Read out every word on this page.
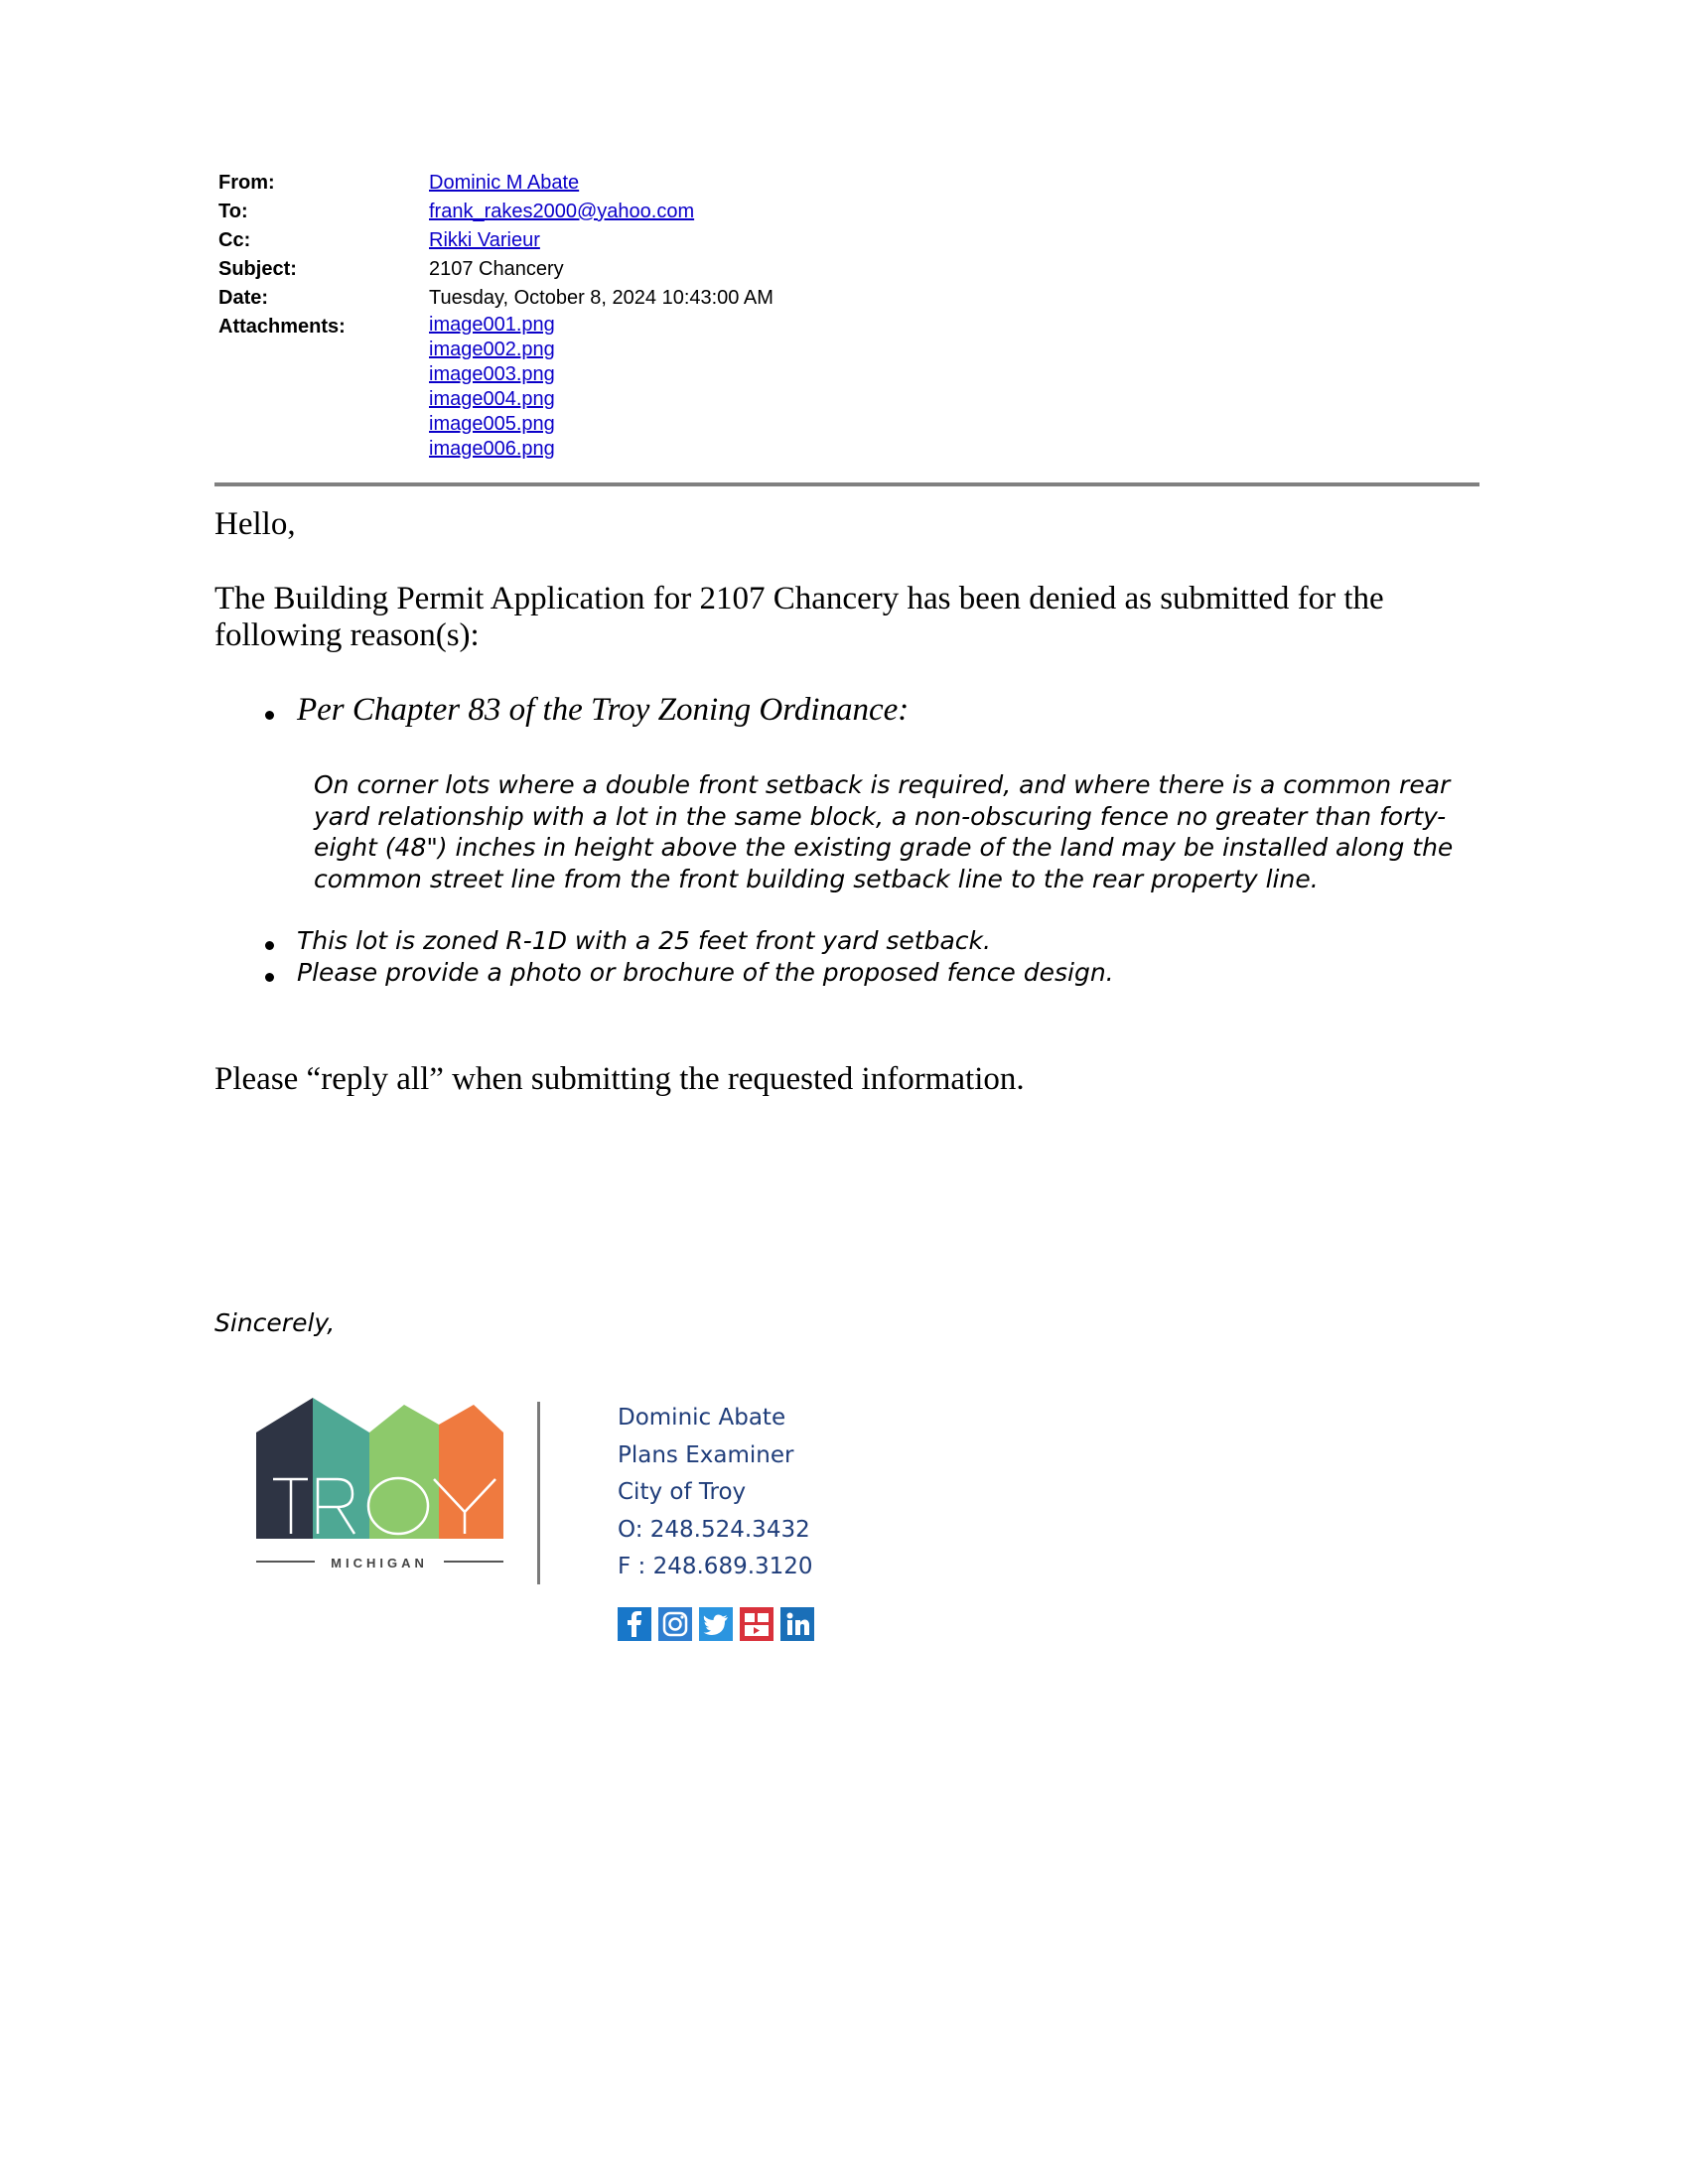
From:	Dominic M Abate
To:	frank_rakes2000@yahoo.com
Cc:	Rikki Varieur
Subject:	2107 Chancery
Date:	Tuesday, October 8, 2024 10:43:00 AM
Attachments:	image001.png
image002.png
image003.png
image004.png
image005.png
image006.png
Hello,
The Building Permit Application for 2107 Chancery has been denied as submitted for the following reason(s):
Per Chapter 83 of the Troy Zoning Ordinance:
On corner lots where a double front setback is required, and where there is a common rear yard relationship with a lot in the same block, a non-obscuring fence no greater than forty-eight (48") inches in height above the existing grade of the land may be installed along the common street line from the front building setback line to the rear property line.
This lot is zoned R-1D with a 25 feet front yard setback.
Please provide a photo or brochure of the proposed fence design.
Please “reply all” when submitting the requested information.
Sincerely,
MICHIGAN
Dominic Abate
Plans Examiner
City of Troy
O: 248.524.3432
F : 248.689.3120
